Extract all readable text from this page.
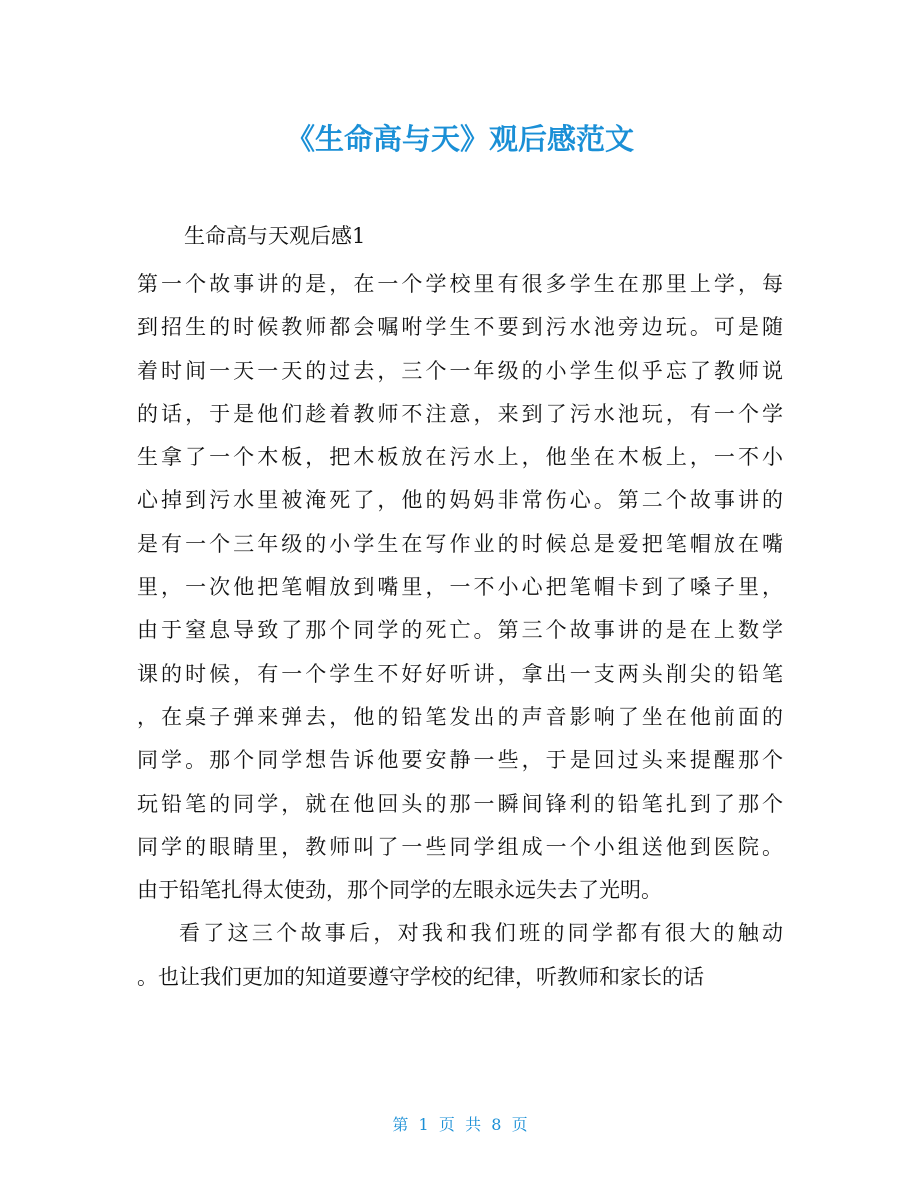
《生命高与天》观后感范文
生命高与天观后感1
第一个故事讲的是，在一个学校里有很多学生在那里上学，每
到招生的时候教师都会嘱咐学生不要到污水池旁边玩。可是随
着时间一天一天的过去，三个一年级的小学生似乎忘了教师说
的话，于是他们趁着教师不注意，来到了污水池玩，有一个学
生拿了一个木板，把木板放在污水上，他坐在木板上，一不小
心掉到污水里被淹死了，他的妈妈非常伤心。第二个故事讲的
是有一个三年级的小学生在写作业的时候总是爱把笔帽放在嘴
里，一次他把笔帽放到嘴里，一不小心把笔帽卡到了嗓子里，
由于窒息导致了那个同学的死亡。第三个故事讲的是在上数学
课的时候，有一个学生不好好听讲，拿出一支两头削尖的铅笔
，在桌子弹来弹去，他的铅笔发出的声音影响了坐在他前面的
同学。那个同学想告诉他要安静一些，于是回过头来提醒那个
玩铅笔的同学，就在他回头的那一瞬间锋利的铅笔扎到了那个
同学的眼睛里，教师叫了一些同学组成一个小组送他到医院。
由于铅笔扎得太使劲，那个同学的左眼永远失去了光明。
看了这三个故事后，对我和我们班的同学都有很大的触动
。也让我们更加的知道要遵守学校的纪律，听教师和家长的话
第  1  页  共  8  页
